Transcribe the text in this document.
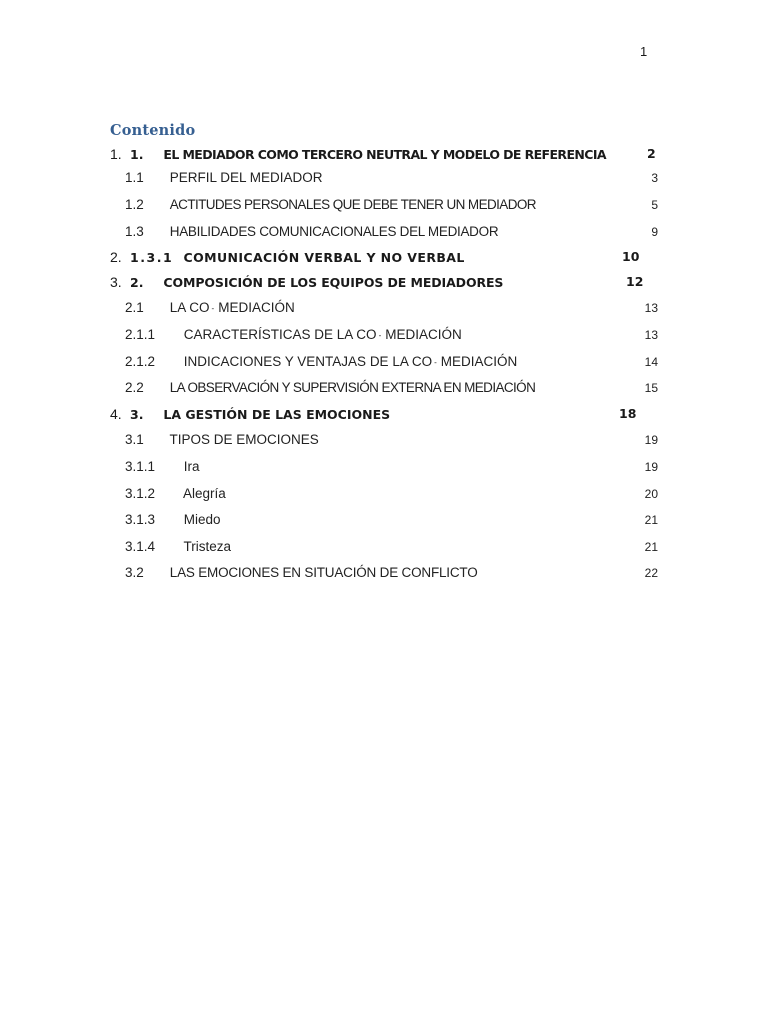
1
Contenido
1. 1. EL MEDIADOR COMO TERCERO NEUTRAL Y MODELO DE REFERENCIA	2
1.1 PERFIL DEL MEDIADOR	3
1.2 ACTITUDES PERSONALES QUE DEBE TENER UN MEDIADOR	5
1.3 HABILIDADES COMUNICACIONALES DEL MEDIADOR	9
2. 1.3.1 COMUNICACIÓN VERBAL Y NO VERBAL	10
3. 2. COMPOSICIÓN DE LOS EQUIPOS DE MEDIADORES	12
2.1 LA CO - MEDIACIÓN	13
2.1.1 CARACTERÍSTICAS DE LA CO - MEDIACIÓN	13
2.1.2 INDICACIONES Y VENTAJAS DE LA CO - MEDIACIÓN	14
2.2 LA OBSERVACIÓN Y SUPERVISIÓN EXTERNA EN MEDIACIÓN	15
4. 3. LA GESTIÓN DE LAS EMOCIONES	18
3.1 TIPOS DE EMOCIONES	19
3.1.1 Ira	19
3.1.2 Alegría	20
3.1.3 Miedo	21
3.1.4 Tristeza	21
3.2 LAS EMOCIONES EN SITUACIÓN DE CONFLICTO	22
